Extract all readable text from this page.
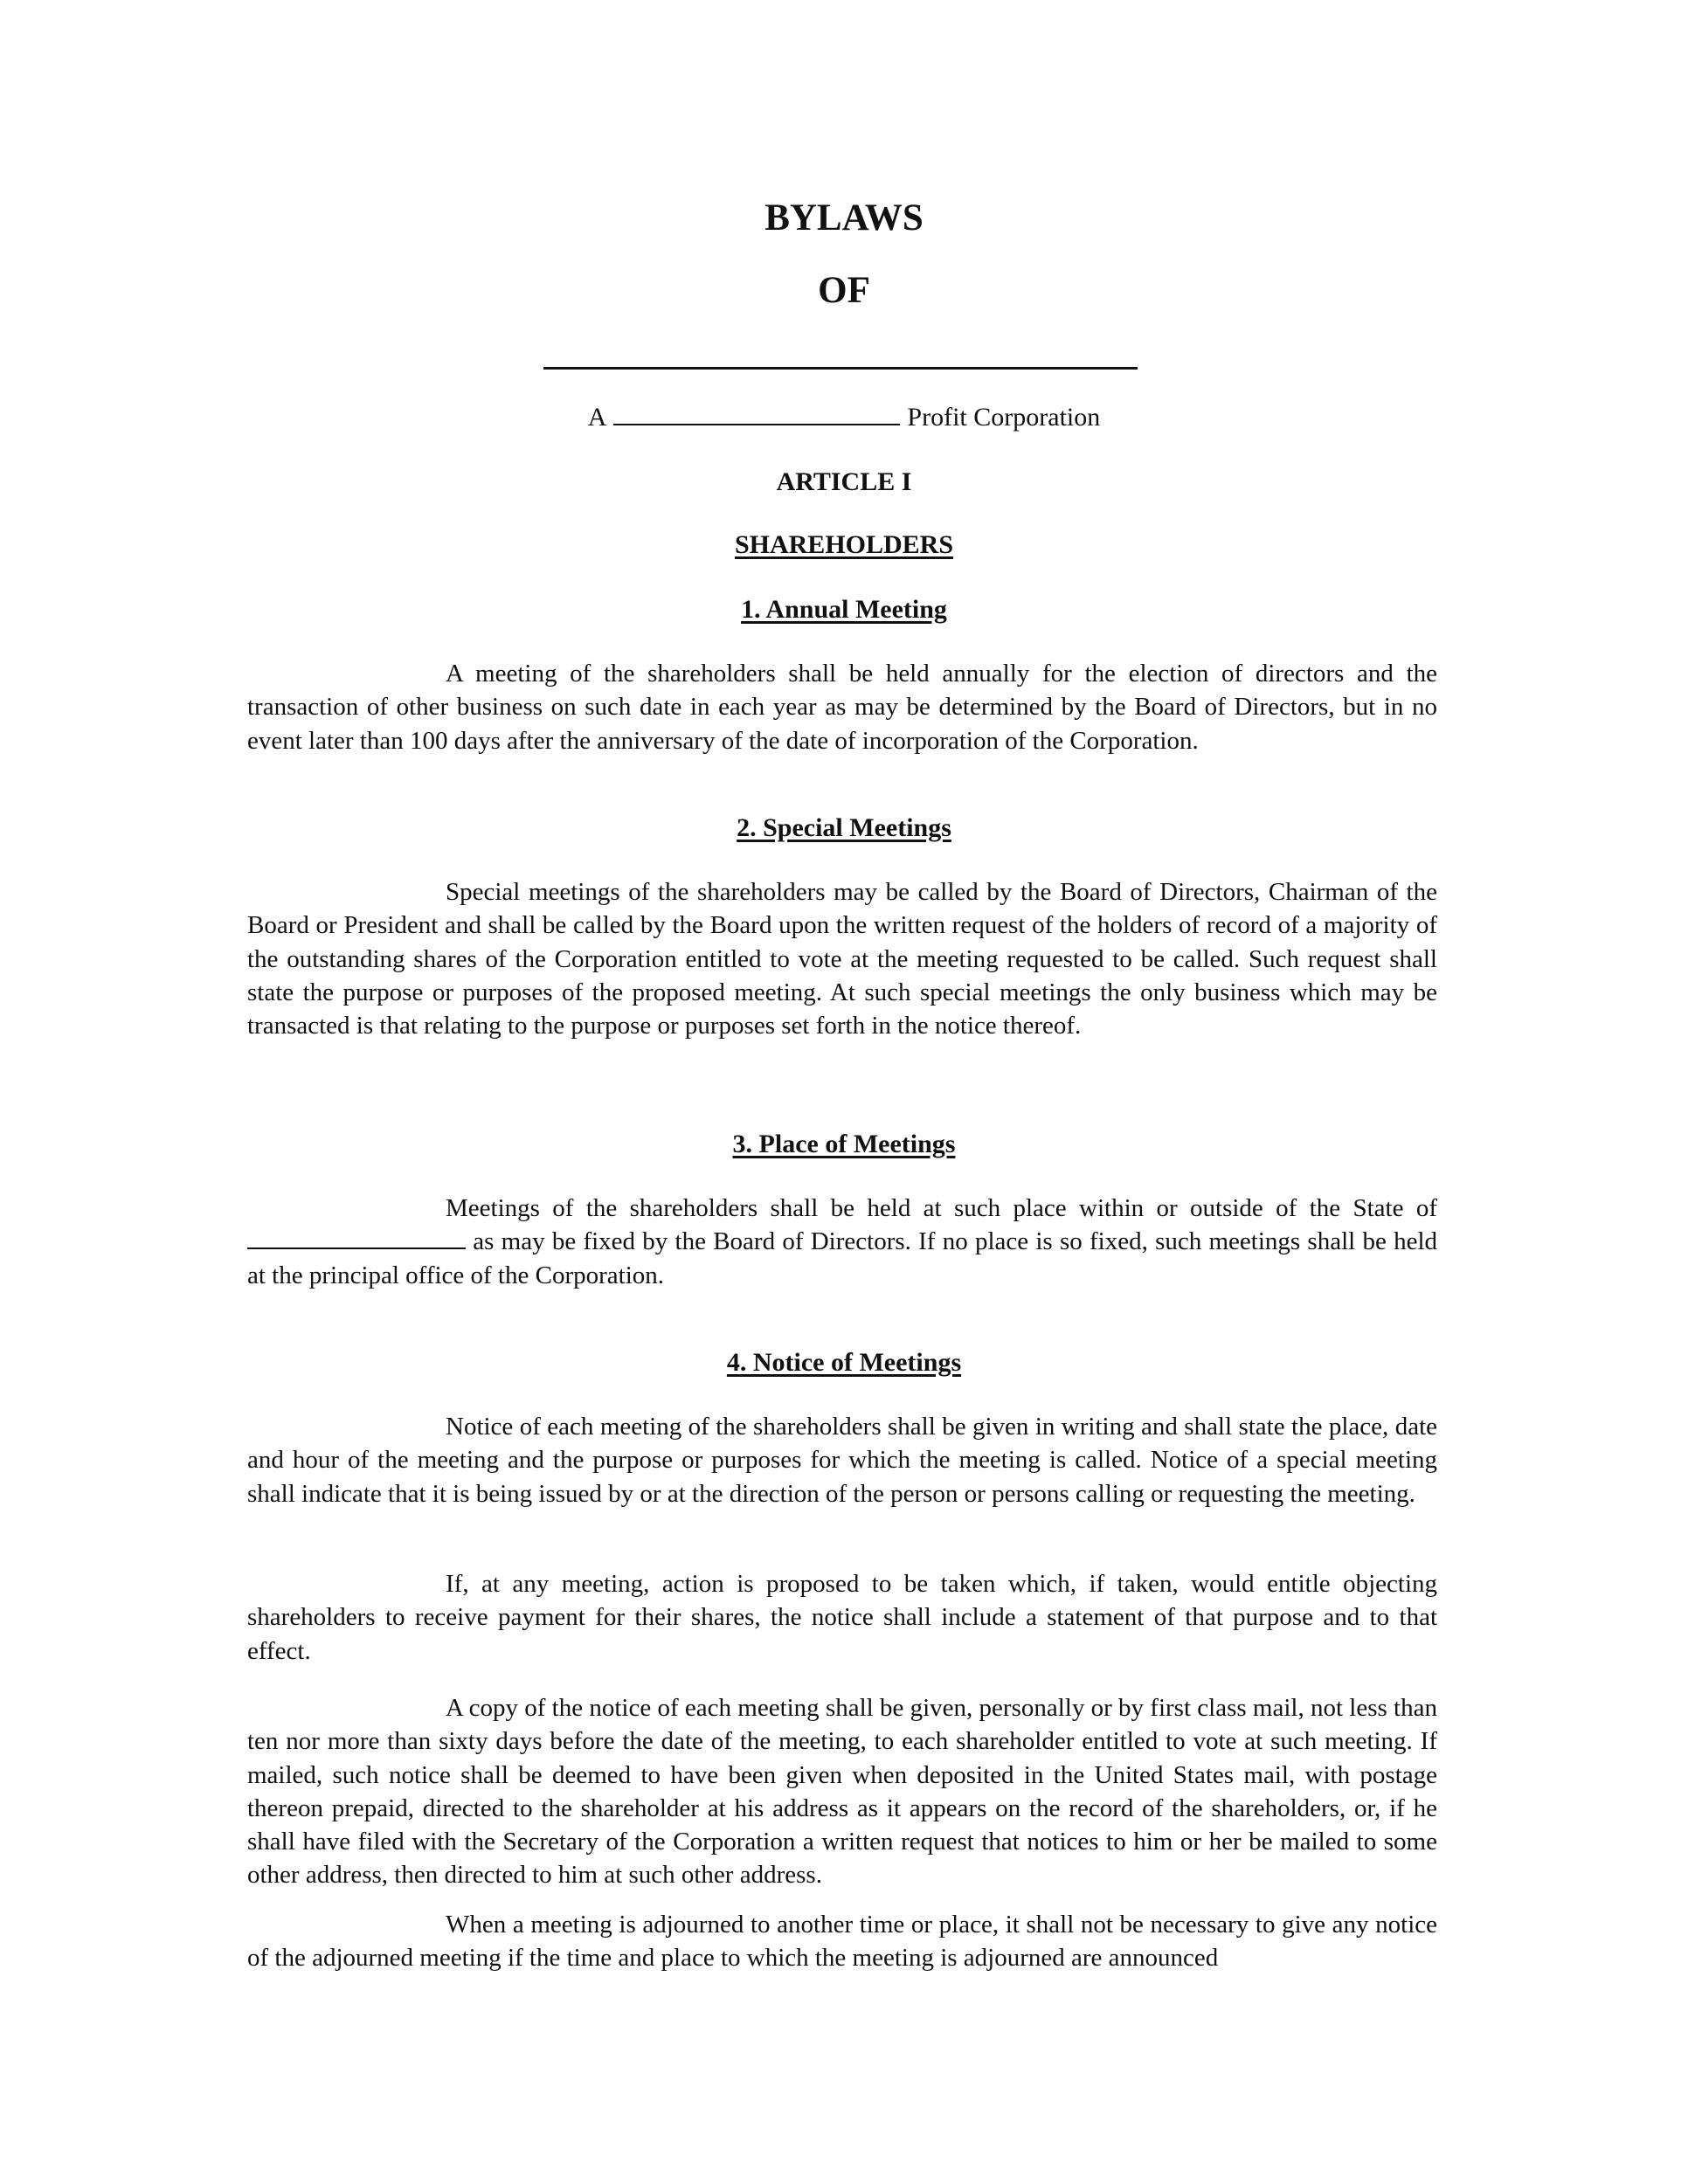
BYLAWS
OF
A	Profit Corporation
ARTICLE I
SHAREHOLDERS
1. Annual Meeting

A meeting of the shareholders shall be held annually for the election of directors and the transaction of other business on such date in each year as may be determined by the Board of Directors, but in no event later than 100 days after the anniversary of the date of incorporation of the Corporation.

2. Special Meetings

Special meetings of the shareholders may be called by the Board of Directors, Chairman of the Board or President and shall be called by the Board upon the written request of the holders of record of a majority of the outstanding shares of the Corporation entitled to vote at the meeting requested to be called. Such request shall state the purpose or purposes of the proposed meeting. At such special meetings the only business which may be transacted is that relating to the purpose or purposes set forth in the notice thereof.

3. Place of Meetings

Meetings of the shareholders shall be held at such place within or outside of the State of  as may be fixed by the Board of Directors. If no place is so fixed, such meetings shall be held at the principal office of the Corporation.

4. Notice of Meetings

Notice of each meeting of the shareholders shall be given in writing and shall state the place, date and hour of the meeting and the purpose or purposes for which the meeting is called. Notice of a special meeting shall indicate that it is being issued by or at the direction of the person or persons calling or requesting the meeting.

If, at any meeting, action is proposed to be taken which, if taken, would entitle objecting shareholders to receive payment for their shares, the notice shall include a statement of that purpose and to that effect.

A copy of the notice of each meeting shall be given, personally or by first class mail, not less than ten nor more than sixty days before the date of the meeting, to each shareholder entitled to vote at such meeting. If mailed, such notice shall be deemed to have been given when deposited in the United States mail, with postage thereon prepaid, directed to the shareholder at his address as it appears on the record of the shareholders, or, if he shall have filed with the Secretary of the Corporation a written request that notices to him or her be mailed to some other address, then directed to him at such other address.

When a meeting is adjourned to another time or place, it shall not be necessary to give any notice of the adjourned meeting if the time and place to which the meeting is adjourned are announced
